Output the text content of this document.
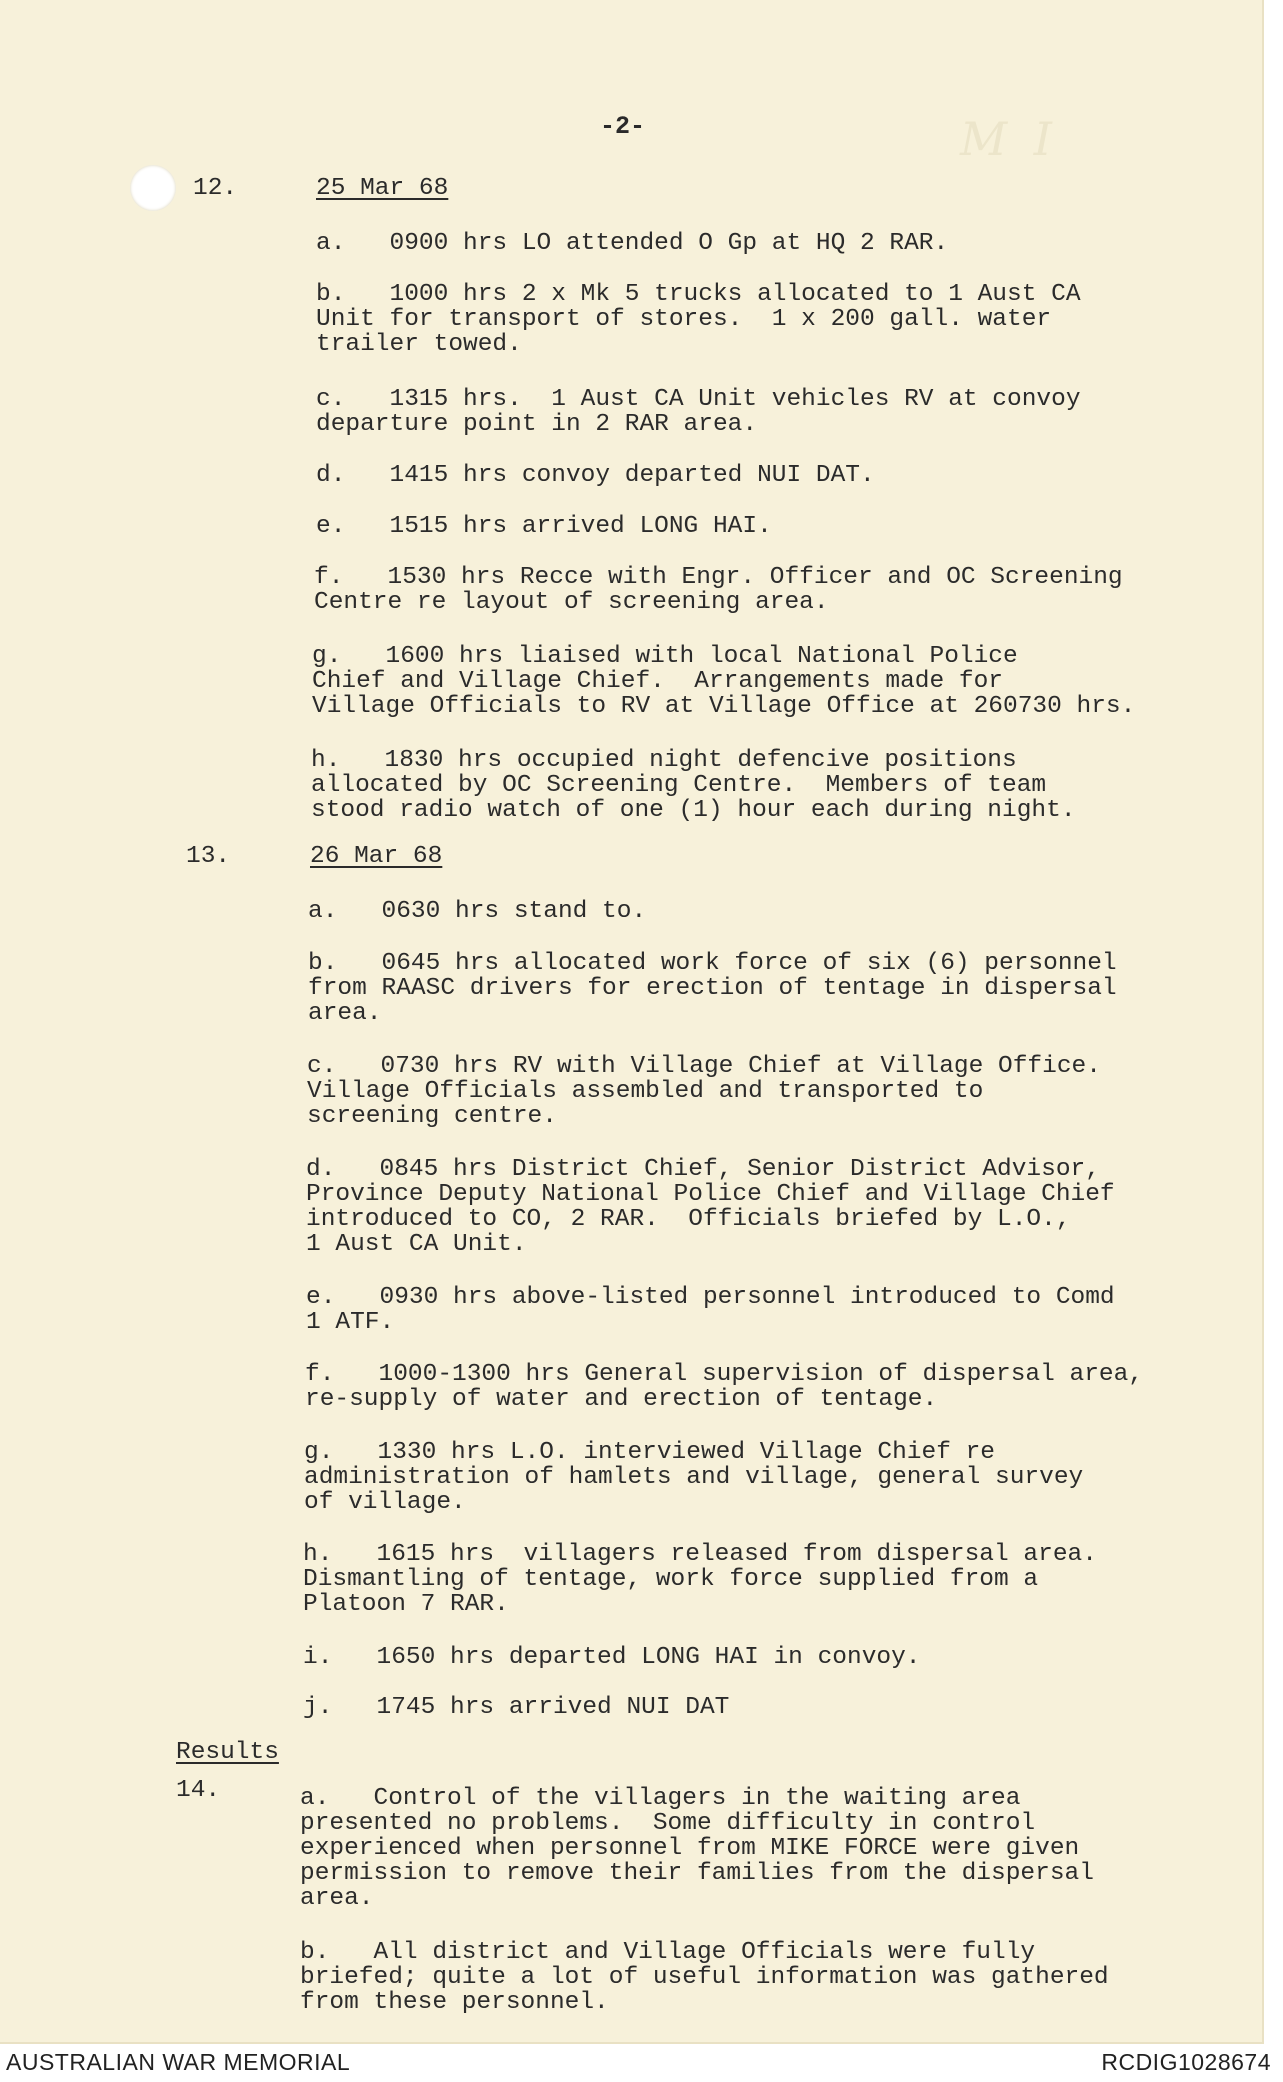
M I
-2-
12.	25 Mar 68
a.   0900 hrs LO attended O Gp at HQ 2 RAR.
b.   1000 hrs 2 x Mk 5 trucks allocated to 1 Aust CA
Unit for transport of stores.  1 x 200 gall. water
trailer towed.
c.   1315 hrs.  1 Aust CA Unit vehicles RV at convoy
departure point in 2 RAR area.
d.   1415 hrs convoy departed NUI DAT.
e.   1515 hrs arrived LONG HAI.
f.   1530 hrs Recce with Engr. Officer and OC Screening
Centre re layout of screening area.
g.   1600 hrs liaised with local National Police
Chief and Village Chief.  Arrangements made for
Village Officials to RV at Village Office at 260730 hrs.
h.   1830 hrs occupied night defencive positions
allocated by OC Screening Centre.  Members of team
stood radio watch of one (1) hour each during night.
13.	26 Mar 68
a.   0630 hrs stand to.
b.   0645 hrs allocated work force of six (6) personnel
from RAASC drivers for erection of tentage in dispersal
area.
c.   0730 hrs RV with Village Chief at Village Office.
Village Officials assembled and transported to
screening centre.
d.   0845 hrs District Chief, Senior District Advisor,
Province Deputy National Police Chief and Village Chief
introduced to CO, 2 RAR.  Officials briefed by L.O.,
1 Aust CA Unit.
e.   0930 hrs above-listed personnel introduced to Comd
1 ATF.
f.   1000-1300 hrs General supervision of dispersal area,
re-supply of water and erection of tentage.
g.   1330 hrs L.O. interviewed Village Chief re
administration of hamlets and village, general survey
of village.
h.   1615 hrs  villagers released from dispersal area.
Dismantling of tentage, work force supplied from a
Platoon 7 RAR.
i.   1650 hrs departed LONG HAI in convoy.
j.   1745 hrs arrived NUI DAT
Results
14.	a.   Control of the villagers in the waiting area
presented no problems.  Some difficulty in control
experienced when personnel from MIKE FORCE were given
permission to remove their families from the dispersal
area.
b.   All district and Village Officials were fully
briefed; quite a lot of useful information was gathered
from these personnel.
AUSTRALIAN WAR MEMORIAL	RCDIG1028674
